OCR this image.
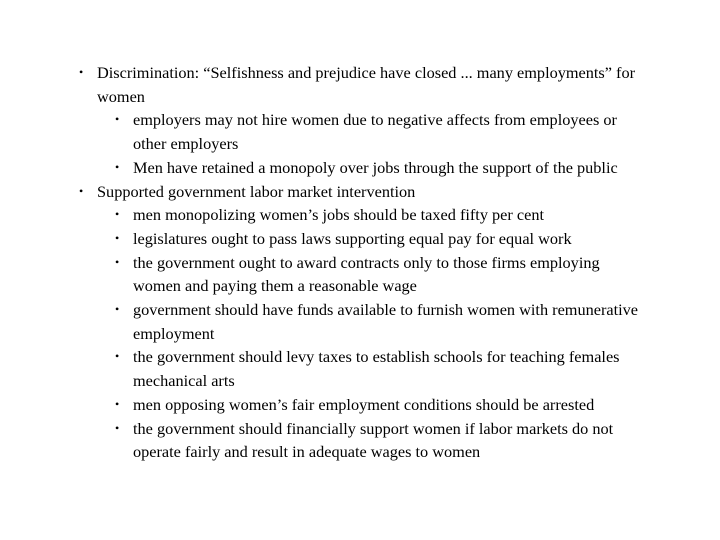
• Discrimination: “Selfishness and prejudice have closed ... many employments” for women
• employers may not hire women due to negative affects from employees or other employers
• Men have retained a monopoly over jobs through the support of the public
• Supported government labor market intervention
• men monopolizing women’s jobs should be taxed fifty per cent
• legislatures ought to pass laws supporting equal pay for equal work
• the government ought to award contracts only to those firms employing women and paying them a reasonable wage
• government should have funds available to furnish women with remunerative employment
• the government should levy taxes to establish schools for teaching females mechanical arts
• men opposing women’s fair employment conditions should be arrested
• the government should financially support women if labor markets do not operate fairly and result in adequate wages to women
